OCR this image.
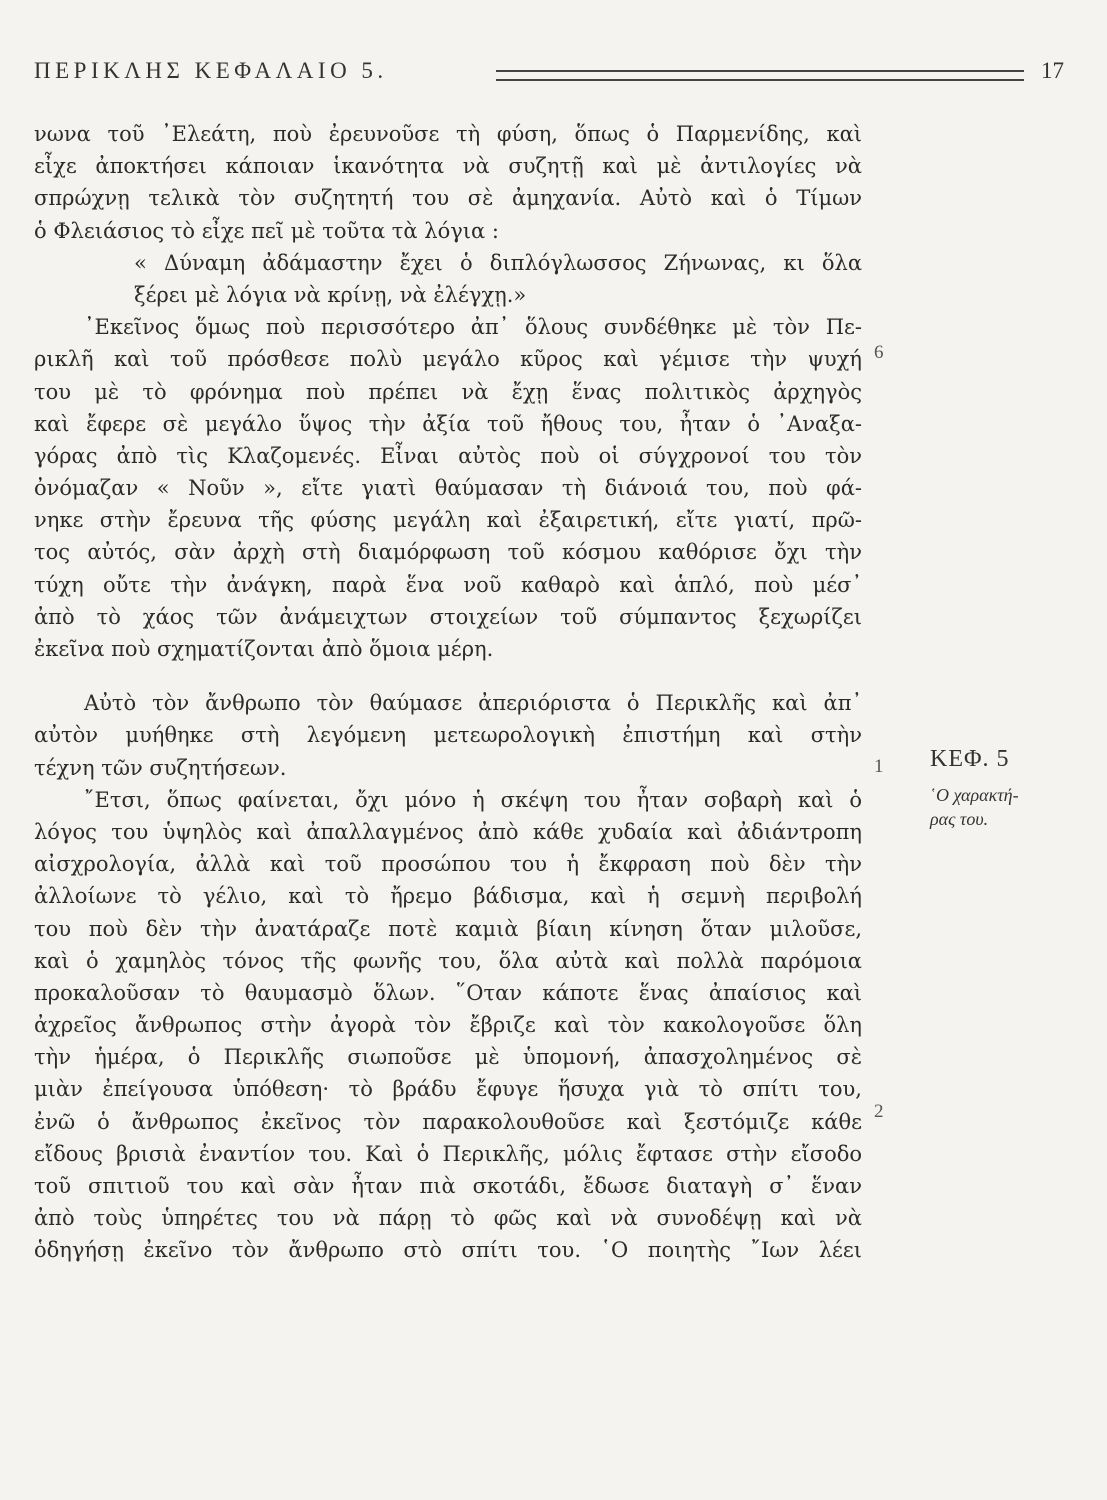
ΠΕΡΙΚΛΗΣ ΚΕΦΑΛΑΙΟ 5.	17
νωνα τοῦ ᾿Ελεάτη, ποὺ ἐρευνοῦσε τὴ φύση, ὅπως ὁ Παρμενίδης, καὶ
εἶχε ἀποκτήσει κάποιαν ἱκανότητα νὰ συζητῇ καὶ μὲ ἀντιλογίες νὰ
σπρώχνῃ τελικὰ τὸν συζητητή του σὲ ἀμηχανία. Αὐτὸ καὶ ὁ Τίμων
ὁ Φλειάσιος τὸ εἶχε πεῖ μὲ τοῦτα τὰ λόγια :
« Δύναμη ἀδάμαστην ἔχει ὁ διπλόγλωσσος Ζήνωνας, κι ὅλα
ξέρει μὲ λόγια νὰ κρίνῃ, νὰ ἐλέγχῃ.»
᾿Εκεῖνος ὅμως ποὺ περισσότερο ἀπ᾿ ὅλους συνδέθηκε μὲ τὸν Πε-
ρικλῆ καὶ τοῦ πρόσθεσε πολὺ μεγάλο κῦρος καὶ γέμισε τὴν ψυχή
του μὲ τὸ φρόνημα ποὺ πρέπει νὰ ἔχῃ ἕνας πολιτικὸς ἀρχηγὸς
καὶ ἔφερε σὲ μεγάλο ὕψος τὴν ἀξία τοῦ ἤθους του, ἦταν ὁ ᾿Αναξα-
γόρας ἀπὸ τὶς Κλαζομενές. Εἶναι αὐτὸς ποὺ οἱ σύγχρονοί του τὸν
ὀνόμαζαν « Νοῦν », εἴτε γιατὶ θαύμασαν τὴ διάνοιά του, ποὺ φά-
νηκε στὴν ἔρευνα τῆς φύσης μεγάλη καὶ ἐξαιρετική, εἴτε γιατί, πρῶ-
τος αὐτός, σὰν ἀρχὴ στὴ διαμόρφωση τοῦ κόσμου καθόρισε ὄχι τὴν
τύχη οὔτε τὴν ἀνάγκη, παρὰ ἕνα νοῦ καθαρὸ καὶ ἁπλό, ποὺ μέσ᾿
ἀπὸ τὸ χάος τῶν ἀνάμειχτων στοιχείων τοῦ σύμπαντος ξεχωρίζει
ἐκεῖνα ποὺ σχηματίζονται ἀπὸ ὅμοια μέρη.
Αὐτὸ τὸν ἄνθρωπο τὸν θαύμασε ἀπεριόριστα ὁ Περικλῆς καὶ ἀπ᾿
αὐτὸν μυήθηκε στὴ λεγόμενη μετεωρολογικὴ ἐπιστήμη καὶ στὴν
τέχνη τῶν συζητήσεων.
῎Ετσι, ὅπως φαίνεται, ὄχι μόνο ἡ σκέψη του ἦταν σοβαρὴ καὶ ὁ
λόγος του ὑψηλὸς καὶ ἀπαλλαγμένος ἀπὸ κάθε χυδαία καὶ ἀδιάντροπη
αἰσχρολογία, ἀλλὰ καὶ τοῦ προσώπου του ἡ ἔκφραση ποὺ δὲν τὴν
ἀλλοίωνε τὸ γέλιο, καὶ τὸ ἤρεμο βάδισμα, καὶ ἡ σεμνὴ περιβολή
του ποὺ δὲν τὴν ἀνατάραζε ποτὲ καμιὰ βίαιη κίνηση ὅταν μιλοῦσε,
καὶ ὁ χαμηλὸς τόνος τῆς φωνῆς του, ὅλα αὐτὰ καὶ πολλὰ παρόμοια
προκαλοῦσαν τὸ θαυμασμὸ ὅλων. ῞Οταν κάποτε ἕνας ἀπαίσιος καὶ
ἀχρεῖος ἄνθρωπος στὴν ἀγορὰ τὸν ἔβριζε καὶ τὸν κακολογοῦσε ὅλη
τὴν ἡμέρα, ὁ Περικλῆς σιωποῦσε μὲ ὑπομονή, ἀπασχολημένος σὲ
μιὰν ἐπείγουσα ὑπόθεση· τὸ βράδυ ἔφυγε ἥσυχα γιὰ τὸ σπίτι του,
ἐνῶ ὁ ἄνθρωπος ἐκεῖνος τὸν παρακολουθοῦσε καὶ ξεστόμιζε κάθε
εἴδους βρισιὰ ἐναντίον του. Καὶ ὁ Περικλῆς, μόλις ἔφτασε στὴν εἴσοδο
τοῦ σπιτιοῦ του καὶ σὰν ἦταν πιὰ σκοτάδι, ἔδωσε διαταγὴ σ᾿ ἕναν
ἀπὸ τοὺς ὑπηρέτες του νὰ πάρῃ τὸ φῶς καὶ νὰ συνοδέψῃ καὶ νὰ
ὁδηγήσῃ ἐκεῖνο τὸν ἄνθρωπο στὸ σπίτι του. ῾Ο ποιητὴς ῎Ιων λέει
6
1
2
ΚΕΦ. 5
῾Ο χαρακτή-
ρας του.
